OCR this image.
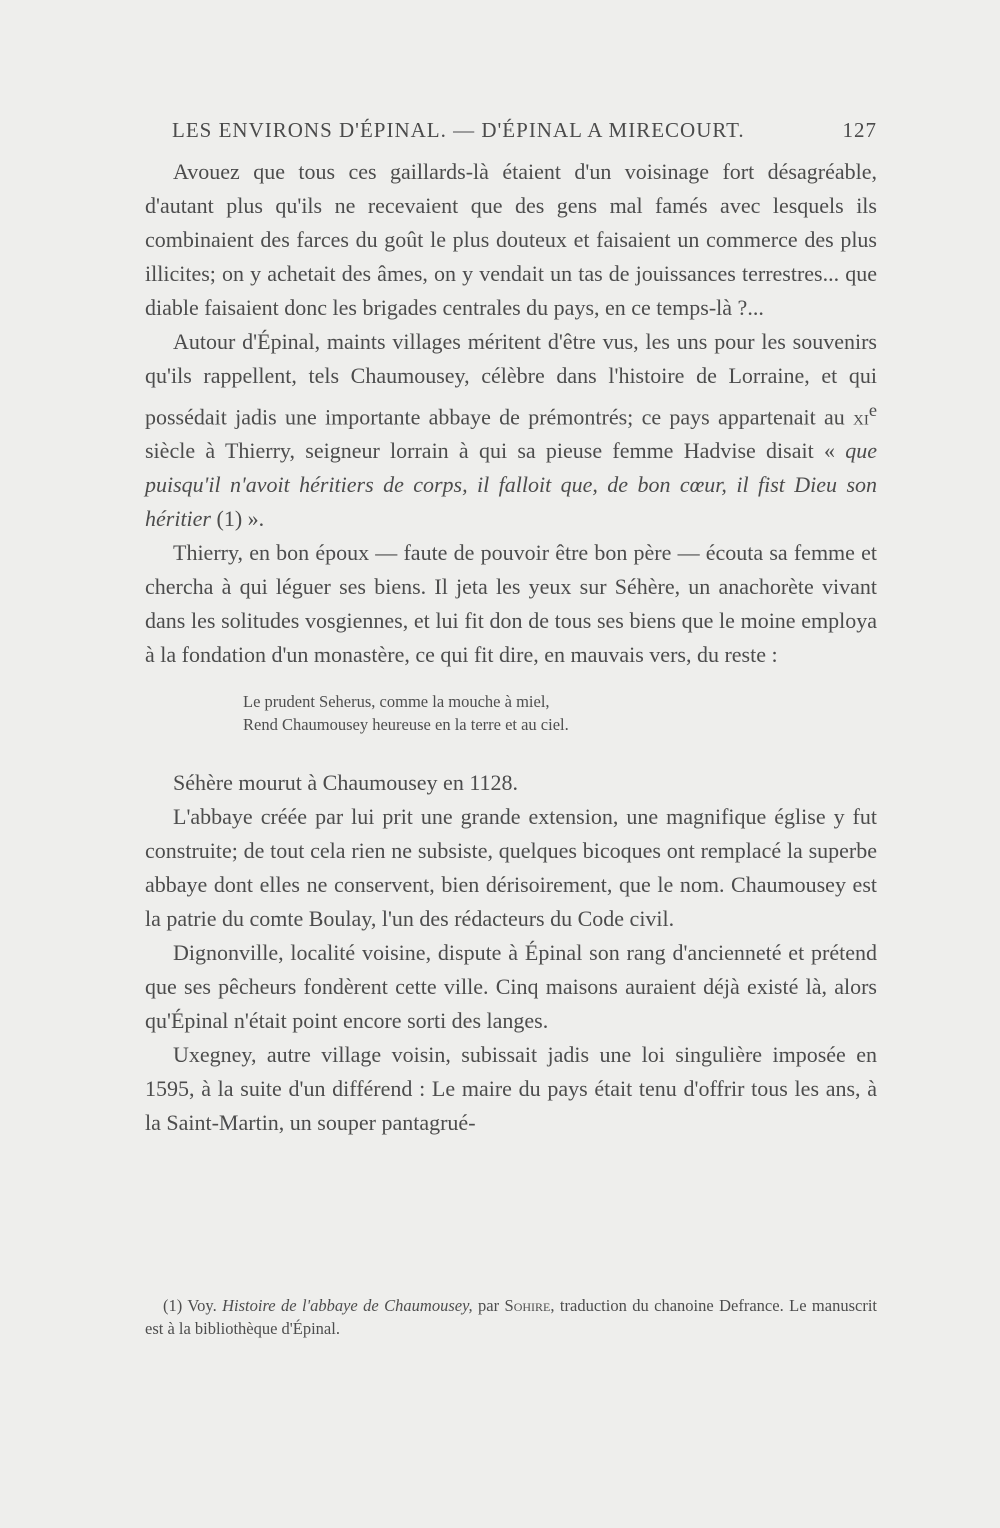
LES ENVIRONS D'ÉPINAL. — D'ÉPINAL A MIRECOURT.	127

Avouez que tous ces gaillards-là étaient d'un voisinage fort désagréable, d'autant plus qu'ils ne recevaient que des gens mal famés avec lesquels ils combinaient des farces du goût le plus douteux et faisaient un commerce des plus illicites; on y achetait des âmes, on y vendait un tas de jouissances terrestres... que diable faisaient donc les brigades centrales du pays, en ce temps-là ?...

Autour d'Épinal, maints villages méritent d'être vus, les uns pour les souvenirs qu'ils rappellent, tels Chaumousey, célèbre dans l'histoire de Lorraine, et qui possédait jadis une importante abbaye de prémontrés; ce pays appartenait au $xi^e$ siècle à Thierry, seigneur lorrain à qui sa pieuse femme Hadvise disait « que puisqu'il n'avoit héritiers de corps, il falloit que, de bon cœur, il fist Dieu son héritier (1) ».

Thierry, en bon époux — faute de pouvoir être bon père — écouta sa femme et chercha à qui léguer ses biens. Il jeta les yeux sur Séhère, un anachorète vivant dans les solitudes vosgiennes, et lui fit don de tous ses biens que le moine employa à la fondation d'un monastère, ce qui fit dire, en mauvais vers, du reste :

Le prudent Seherus, comme la mouche à miel,
Rend Chaumousey heureuse en la terre et au ciel.

Séhère mourut à Chaumousey en 1128.

L'abbaye créée par lui prit une grande extension, une magnifique église y fut construite; de tout cela rien ne subsiste, quelques bicoques ont remplacé la superbe abbaye dont elles ne conservent, bien dérisoirement, que le nom. Chaumousey est la patrie du comte Boulay, l'un des rédacteurs du Code civil.

Dignonville, localité voisine, dispute à Épinal son rang d'ancienneté et prétend que ses pêcheurs fondèrent cette ville. Cinq maisons auraient déjà existé là, alors qu'Épinal n'était point encore sorti des langes.

Uxegney, autre village voisin, subissait jadis une loi singulière imposée en 1595, à la suite d'un différend : Le maire du pays était tenu d'offrir tous les ans, à la Saint-Martin, un souper pantagrué-

(1) Voy. Histoire de l'abbaye de Chaumousey, par Sohire, traduction du chanoine Defrance. Le manuscrit est à la bibliothèque d'Épinal.
